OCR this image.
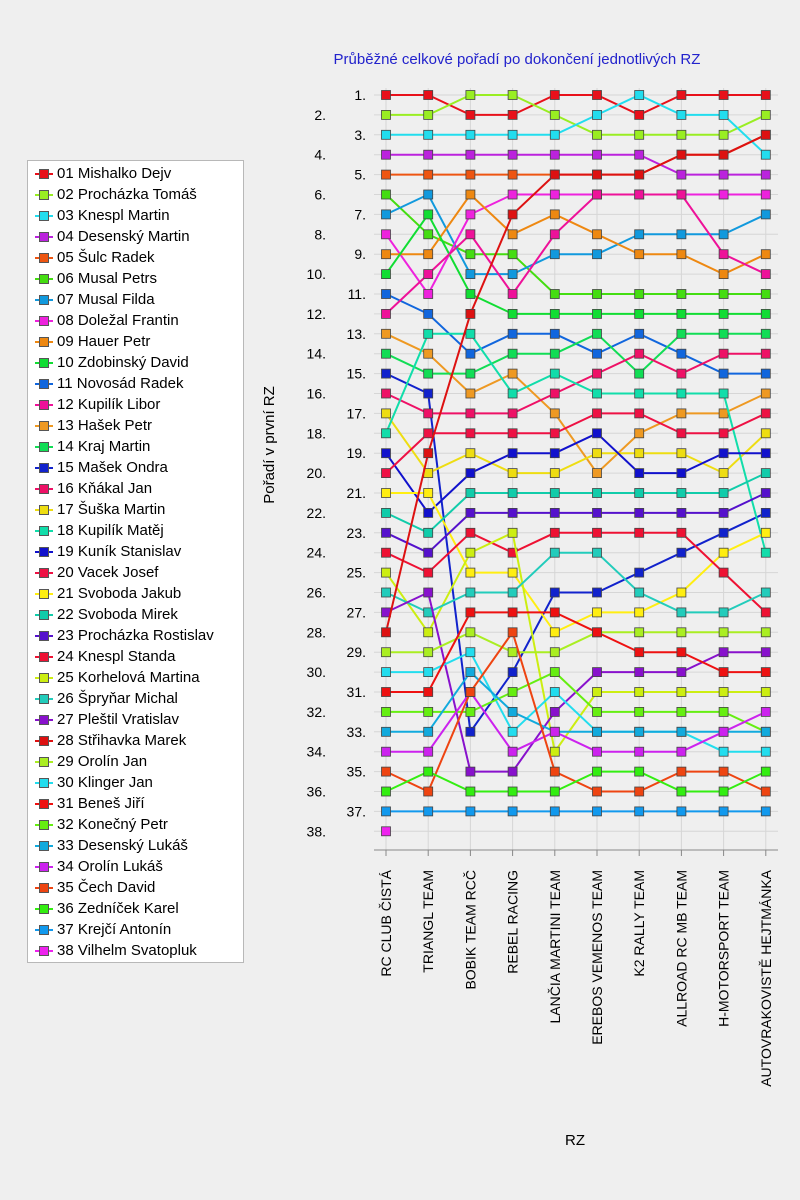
1.
2.
3.
4.
5.
6.
7.
8.
9.
10.
11.
12.
13.
14.
15.
16.
17.
18.
19.
20.
21.
22.
23.
24.
25.
26.
27.
28.
29.
30.
31.
32.
33.
34.
35.
36.
37.
38.
RC CLUB ČISTÁ TRIANGL TEAM BOBIK TEAM RCČ REBEL RACING LANČIA MARTINI TEAM EREBOS VEMENOS TEAM K2 RALLY TEAM ALLROAD RC MB TEAM H-MOTORSPORT TEAM AUTOVRAKOVISTĚ HEJTMÁNKA
Průběžné celkové pořadí po dokončení jednotlivých RZ
Pořadí v první RZ
RZ
01 Mishalko Dejv
02 Procházka Tomáš
03 Knespl Martin
04 Desenský Martin
05 Šulc Radek
06 Musal Petrs
07 Musal Filda
08 Doležal Frantin
09 Hauer Petr
10 Zdobinský David
11 Novosád Radek
12 Kupilík Libor
13 Hašek Petr
14 Kraj Martin
15 Mašek Ondra
16 Kňákal Jan
17 Šuška Martin
18 Kupilík Matěj
19 Kuník Stanislav
20 Vacek Josef
21 Svoboda Jakub
22 Svoboda Mirek
23 Procházka Rostislav
24 Knespl Standa
25 Korhelová Martina
26 Špryňar Michal
27 Pleštil Vratislav
28 Střihavka Marek
29 Orolín Jan
30 Klinger Jan
31 Beneš Jiří
32 Konečný Petr
33 Desenský Lukáš
34 Orolín Lukáš
35 Čech David
36 Zedníček Karel
37 Krejčí Antonín
38 Vilhelm Svatopluk
